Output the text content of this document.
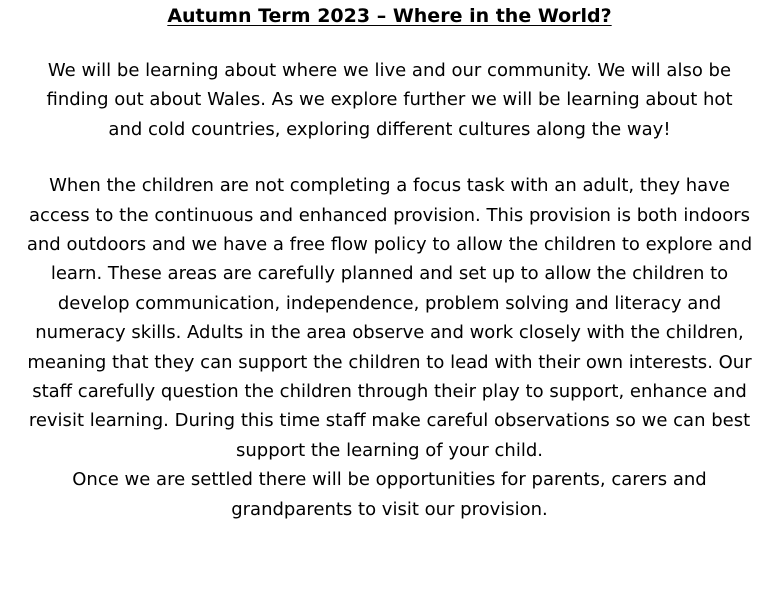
Autumn Term 2023 – Where in the World?

We will be learning about where we live and our community. We will also be finding out about Wales. As we explore further we will be learning about hot and cold countries, exploring different cultures along the way!

When the children are not completing a focus task with an adult, they have access to the continuous and enhanced provision. This provision is both indoors and outdoors and we have a free flow policy to allow the children to explore and learn. These areas are carefully planned and set up to allow the children to develop communication, independence, problem solving and literacy and numeracy skills. Adults in the area observe and work closely with the children, meaning that they can support the children to lead with their own interests. Our staff carefully question the children through their play to support, enhance and revisit learning. During this time staff make careful observations so we can best support the learning of your child.

Once we are settled there will be opportunities for parents, carers and grandparents to visit our provision.
